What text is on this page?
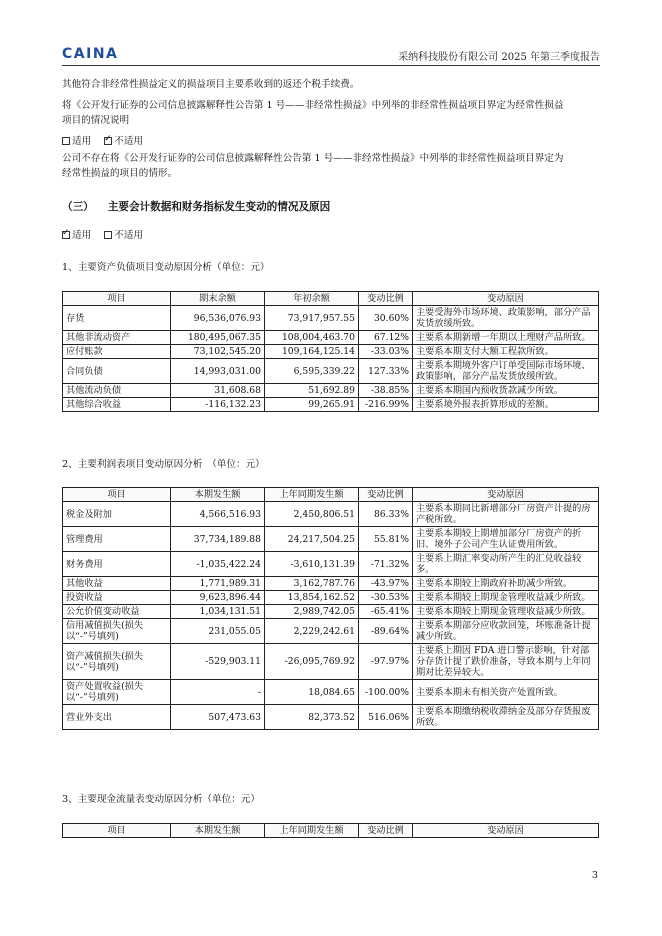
CAINA	采纳科技股份有限公司 2025 年第三季度报告
其他符合非经常性损益定义的损益项目主要系收到的返还个税手续费。
将《公开发行证券的公司信息披露解释性公告第 1 号——非经常性损益》中列举的非经常性损益项目界定为经常性损益
项目的情况说明
适用 ✓ 不适用
公司不存在将《公开发行证券的公司信息披露解释性公告第 1 号——非经常性损益》中列举的非经常性损益项目界定为
经常性损益的项目的情形。
（三） 主要会计数据和财务指标发生变动的情况及原因
✓适用 不适用
1、主要资产负债项目变动原因分析（单位：元）
项目	期末余额	年初余额	变动比例	变动原因
存货	96,536,076.93	73,917,957.55	30.60%	主要受海外市场环境、政策影响，部分产品发货放缓所致。
其他非流动资产	180,495,067.35	108,004,463.70	67.12%	主要系本期新增一年期以上理财产品所致。
应付账款	73,102,545.20	109,164,125.14	-33.03%	主要系本期支付大额工程款所致。
合同负债	14,993,031.00	6,595,339.22	127.33%	主要系本期境外客户订单受国际市场环境、政策影响，部分产品发货放缓所致。
其他流动负债	31,608.68	51,692.89	-38.85%	主要系本期国内预收货款减少所致。
其他综合收益	-116,132.23	99,265.91	-216.99%	主要系境外报表折算形成的差额。
2、主要利润表项目变动原因分析　（单位：元）
项目	本期发生额	上年同期发生额	变动比例	变动原因
税金及附加	4,566,516.93	2,450,806.51	86.33%	主要系本期同比新增部分厂房资产计提的房产税所致。
管理费用	37,734,189.88	24,217,504.25	55.81%	主要系本期较上期增加部分厂房资产的折旧、境外子公司产生认证费用所致。
财务费用	-1,035,422.24	-3,610,131.39	-71.32%	主要系上期汇率变动所产生的汇兑收益较多。
其他收益	1,771,989.31	3,162,787.76	-43.97%	主要系本期较上期政府补助减少所致。
投资收益	9,623,896.44	13,854,162.52	-30.53%	主要系本期较上期现金管理收益减少所致。
公允价值变动收益	1,034,131.51	2,989,742.05	-65.41%	主要系本期较上期现金管理收益减少所致。
信用减值损失(损失以“-”号填列)	231,055.05	2,229,242.61	-89.64%	主要系本期部分应收款回笼，坏账准备计提减少所致。
资产减值损失(损失以“-”号填列)	-529,903.11	-26,095,769.92	-97.97%	主要系上期因 FDA 进口警示影响，针对部分存货计提了跌价准备，导致本期与上年同期对比差异较大。
资产处置收益(损失以“-”号填列)	-	18,084.65	-100.00%	主要系本期未有相关资产处置所致。
营业外支出	507,473.63	82,373.52	516.06%	主要系本期缴纳税收滞纳金及部分存货报废所致。
3、主要现金流量表变动原因分析（单位：元）
项目	本期发生额	上年同期发生额	变动比例	变动原因
3
